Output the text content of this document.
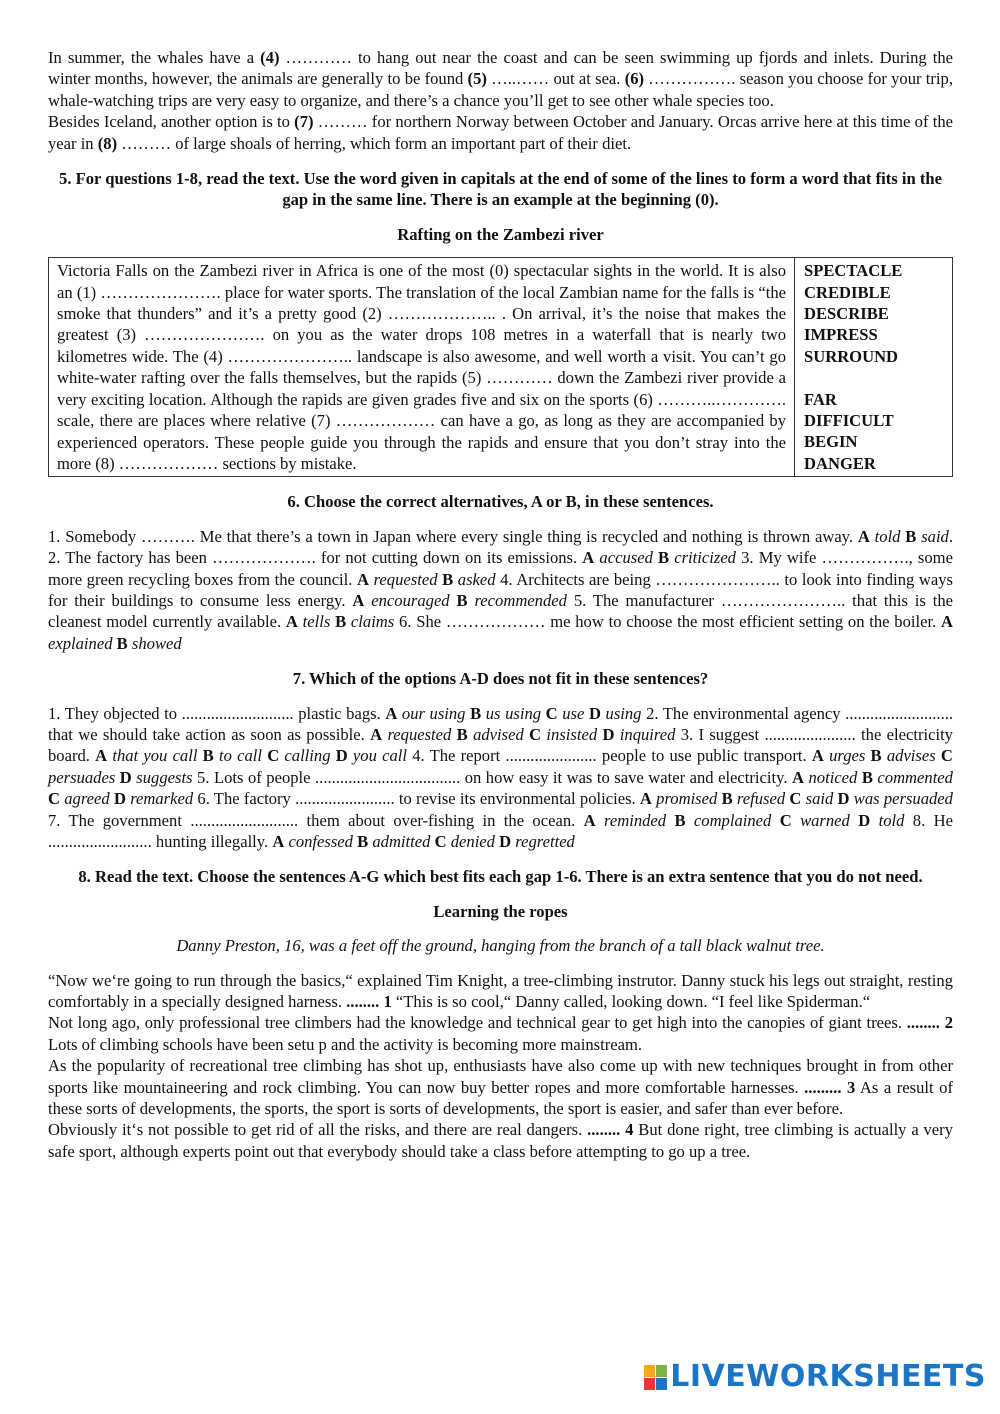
In summer, the whales have a (4) ………… to hang out near the coast and can be seen swimming up fjords and inlets. During the winter months, however, the animals are generally to be found (5) …..…… out at sea. (6) ……………. season you choose for your trip, whale-watching trips are very easy to organize, and there’s a chance you’ll get to see other whale species too.

Besides Iceland, another option is to (7) ……… for northern Norway between October and January. Orcas arrive here at this time of the year in (8) ……… of large shoals of herring, which form an important part of their diet.

5. For questions 1-8, read the text. Use the word given in capitals at the end of some of the lines to form a word that fits in the gap in the same line. There is an example at the beginning (0).

Rafting on the Zambezi river

Victoria Falls on the Zambezi river in Africa is one of the most (0) spectacular sights in the world. It is also an (1) …………………. place for water sports. The translation of the local Zambian name for the falls is “the smoke that thunders” and it’s a pretty good (2) ……………….. . On arrival, it’s the noise that makes the greatest (3) …………………. on you as the water drops 108 metres in a waterfall that is nearly two kilometres wide. The (4) ………………….. landscape is also awesome, and well worth a visit. You can’t go white-water rafting over the falls themselves, but the rapids (5) ………… down the Zambezi river provide a very exciting location. Although the rapids are given grades five and six on the sports (6) ………..…………. scale, there are places where relative (7) ……………… can have a go, as long as they are accompanied by experienced operators. These people guide you through the rapids and ensure that you don’t stray into the more (8) ……………… sections by mistake.

SPECTACLE
CREDIBLE
DESCRIBE
IMPRESS
SURROUND
FAR
DIFFICULT
BEGIN
DANGER

6. Choose the correct alternatives, A or B, in these sentences.

1. Somebody ………. Me that there’s a town in Japan where every single thing is recycled and nothing is thrown away. A told B said. 2. The factory has been ………………. for not cutting down on its emissions. A accused B criticized 3. My wife ……………., some more green recycling boxes from the council. A requested B asked 4. Architects are being ………………….. to look into finding ways for their buildings to consume less energy. A encouraged B recommended 5. The manufacturer ………………….. that this is the cleanest model currently available. A tells B claims 6. She ……………… me how to choose the most efficient setting on the boiler. A explained B showed

7. Which of the options A-D does not fit in these sentences?

1. They objected to ........................... plastic bags. A our using B us using C use D using 2. The environmental agency .......................... that we should take action as soon as possible. A requested B advised C insisted D inquired 3. I suggest ...................... the electricity board. A that you call B to call C calling D you call 4. The report ...................... people to use public transport. A urges B advises C persuades D suggests 5. Lots of people ................................... on how easy it was to save water and electricity. A noticed B commented C agreed D remarked 6. The factory ........................ to revise its environmental policies. A promised B refused C said D was persuaded 7. The government .......................... them about over-fishing in the ocean. A reminded B complained C warned D told 8. He ......................... hunting illegally. A confessed B admitted C denied D regretted

8. Read the text. Choose the sentences A-G which best fits each gap 1-6. There is an extra sentence that you do not need.

Learning the ropes

Danny Preston, 16, was a feet off the ground, hanging from the branch of a tall black walnut tree.

“Now we‘re going to run through the basics,“ explained Tim Knight, a tree-climbing instrutor. Danny stuck his legs out straight, resting comfortably in a specially designed harness. ........ 1 “This is so cool,“ Danny called, looking down. “I feel like Spiderman.“

Not long ago, only professional tree climbers had the knowledge and technical gear to get high into the canopies of giant trees. ........ 2 Lots of climbing schools have been setu p and the activity is becoming more mainstream.

As the popularity of recreational tree climbing has shot up, enthusiasts have also come up with new techniques brought in from other sports like mountaineering and rock climbing. You can now buy better ropes and more comfortable harnesses. ......... 3 As a result of these sorts of developments, the sports, the sport is sorts of developments, the sport is easier, and safer than ever before.

Obviously it‘s not possible to get rid of all the risks, and there are real dangers. ........ 4 But done right, tree climbing is actually a very safe sport, although experts point out that everybody should take a class before attempting to go up a tree.

LIVEWORKSHEETS
